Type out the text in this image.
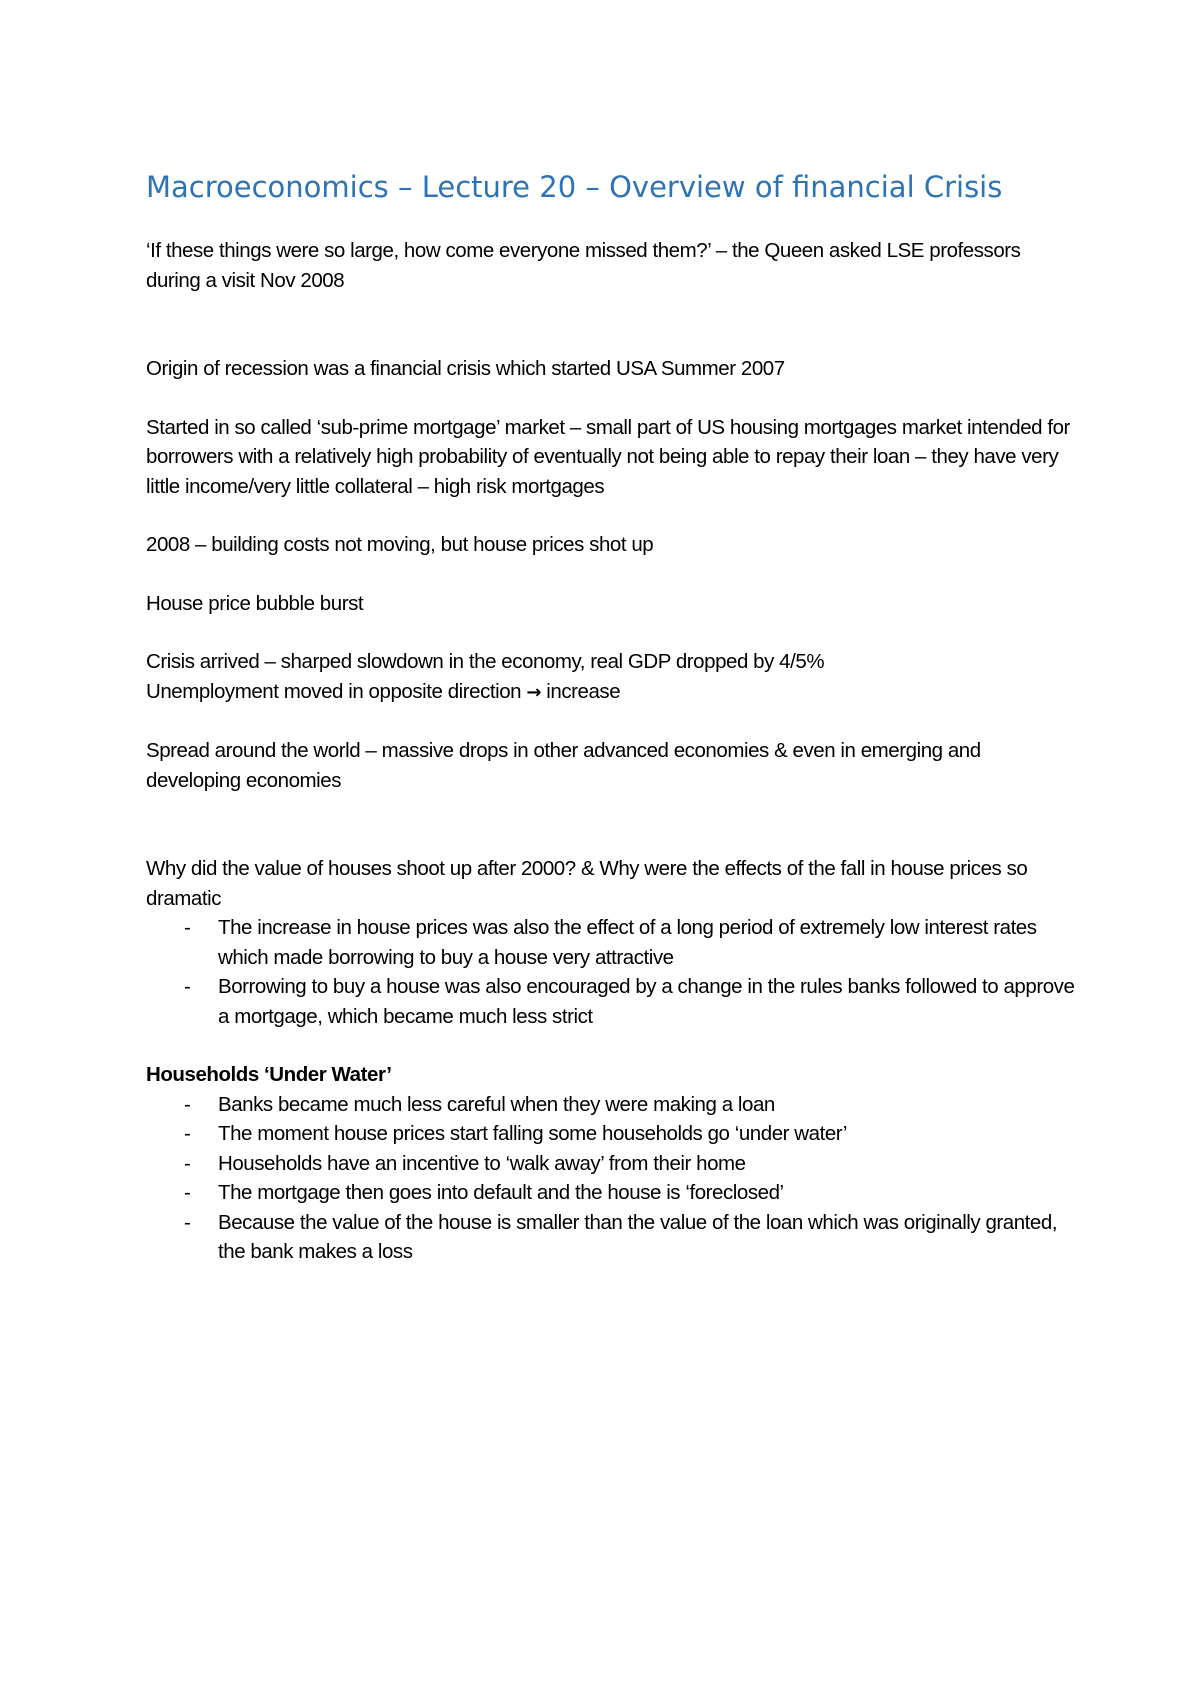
Macroeconomics – Lecture 20 – Overview of financial Crisis

‘If these things were so large, how come everyone missed them?’ – the Queen asked LSE professors during a visit Nov 2008

Origin of recession was a financial crisis which started USA Summer 2007

Started in so called ‘sub-prime mortgage’ market – small part of US housing mortgages market intended for borrowers with a relatively high probability of eventually not being able to repay their loan – they have very little income/very little collateral – high risk mortgages

2008 – building costs not moving, but house prices shot up

House price bubble burst

Crisis arrived – sharped slowdown in the economy, real GDP dropped by 4/5%

Unemployment moved in opposite direction → increase

Spread around the world – massive drops in other advanced economies & even in emerging and developing economies

Why did the value of houses shoot up after 2000? & Why were the effects of the fall in house prices so dramatic

- The increase in house prices was also the effect of a long period of extremely low interest rates which made borrowing to buy a house very attractive
- Borrowing to buy a house was also encouraged by a change in the rules banks followed to approve a mortgage, which became much less strict

Households ‘Under Water’

- Banks became much less careful when they were making a loan
- The moment house prices start falling some households go ‘under water’
- Households have an incentive to ‘walk away’ from their home
- The mortgage then goes into default and the house is ‘foreclosed’
- Because the value of the house is smaller than the value of the loan which was originally granted, the bank makes a loss
